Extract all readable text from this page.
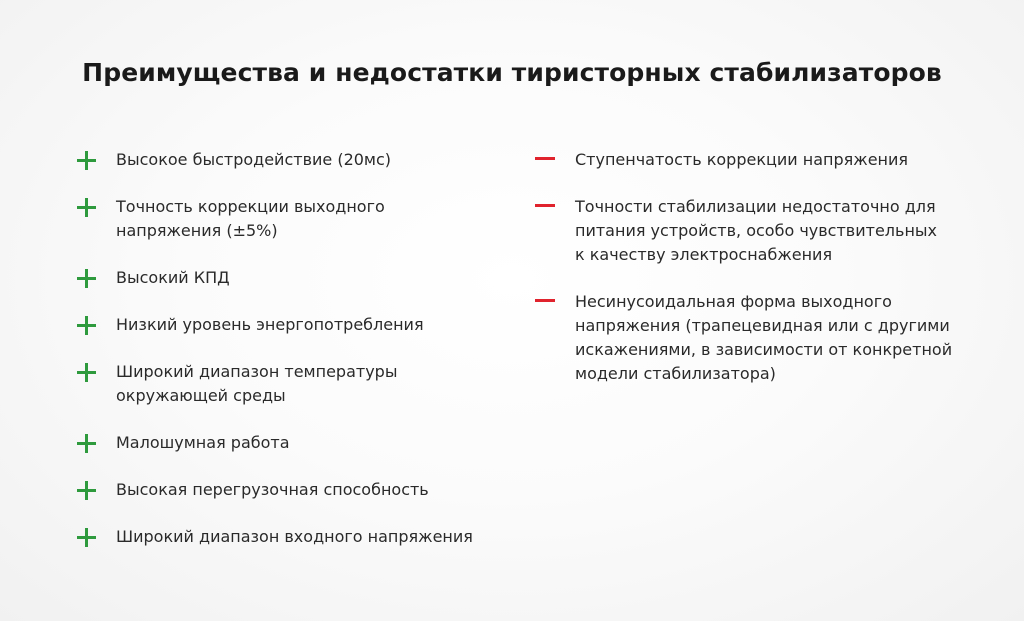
Преимущества и недостатки тиристорных стабилизаторов
Высокое быстродействие (20мс)
Точность коррекции выходного напряжения (±5%)
Высокий КПД
Низкий уровень энергопотребления
Широкий диапазон температуры окружающей среды
Малошумная работа
Высокая перегрузочная способность
Широкий диапазон входного напряжения
Ступенчатость коррекции напряжения
Точности стабилизации недостаточно для питания устройств, особо чувствительных к качеству электроснабжения
Несинусоидальная форма выходного напряжения (трапецевидная или с другими искажениями, в зависимости от конкретной модели стабилизатора)
